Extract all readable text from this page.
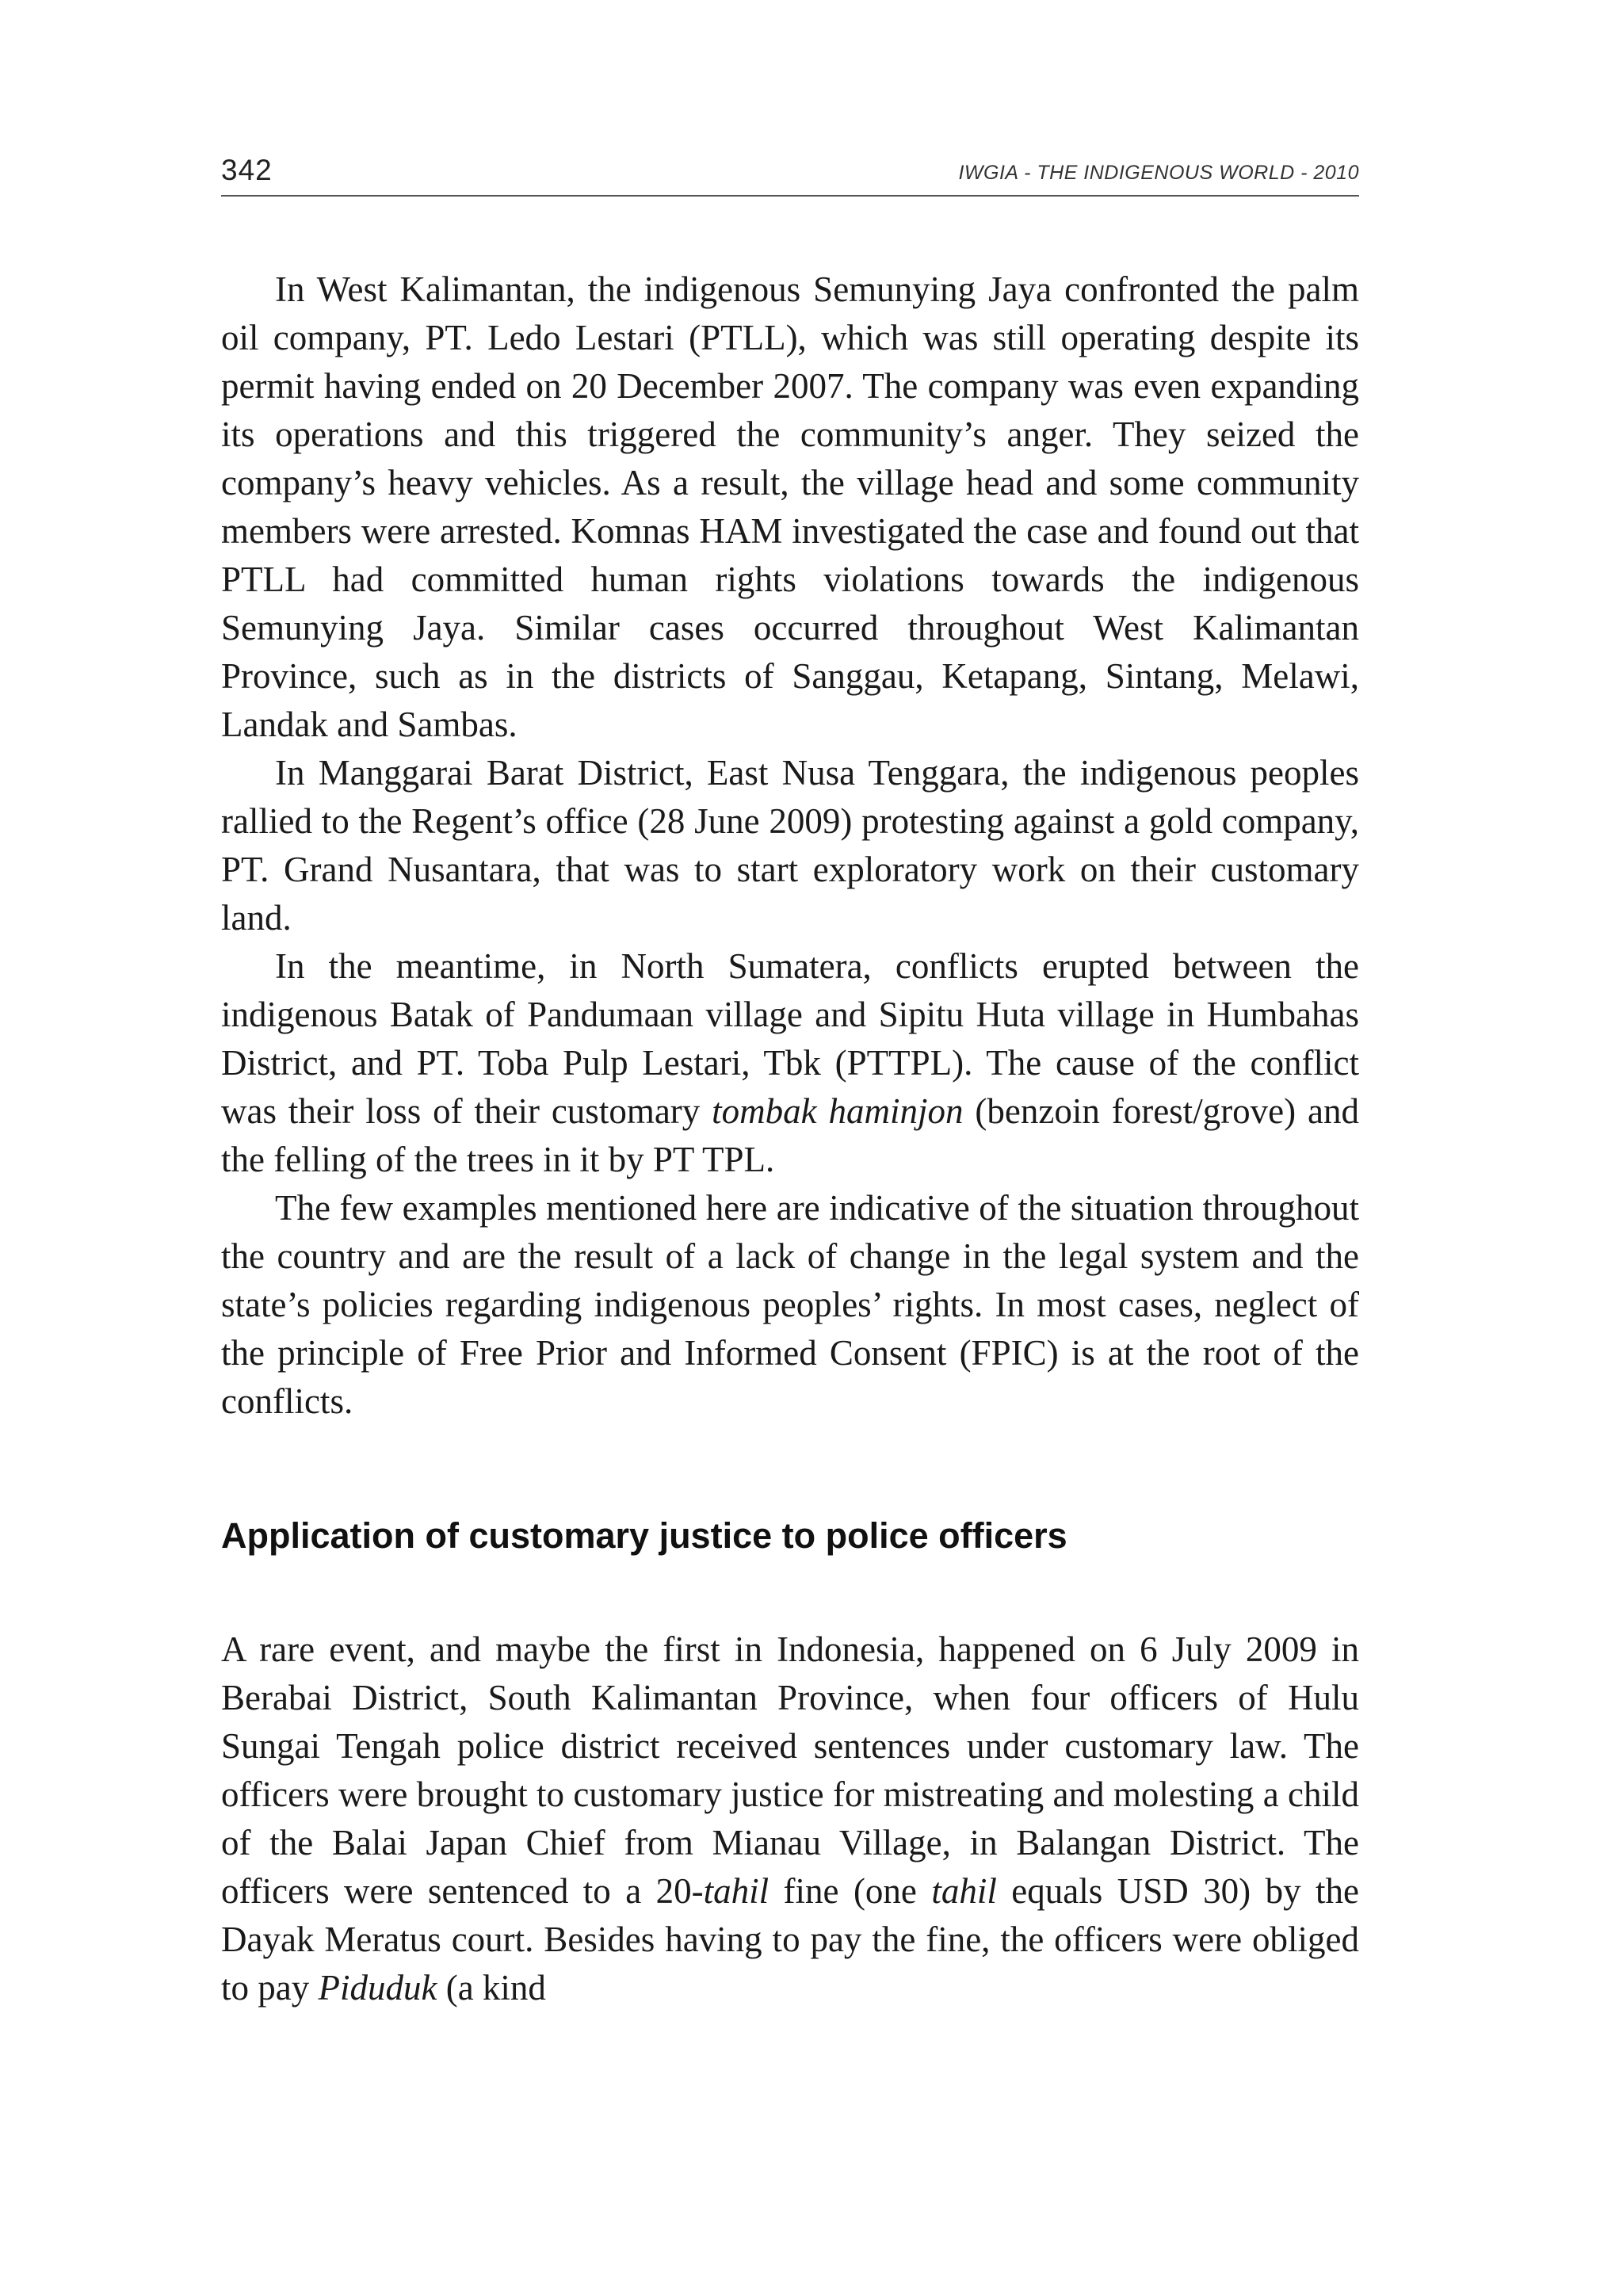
342	IWGIA - THE INDIGENOUS WORLD - 2010

In West Kalimantan, the indigenous Semunying Jaya confronted the palm oil company, PT. Ledo Lestari (PTLL), which was still operating despite its permit having ended on 20 December 2007. The company was even expanding its operations and this triggered the community’s anger. They seized the company’s heavy vehicles. As a result, the village head and some community members were arrested. Komnas HAM investigated the case and found out that PTLL had committed human rights violations towards the indigenous Semunying Jaya. Similar cases occurred throughout West Kalimantan Province, such as in the districts of Sanggau, Ketapang, Sintang, Melawi, Landak and Sambas.

In Manggarai Barat District, East Nusa Tenggara, the indigenous peoples rallied to the Regent’s office (28 June 2009) protesting against a gold company, PT. Grand Nusantara, that was to start exploratory work on their customary land.

In the meantime, in North Sumatera, conflicts erupted between the indigenous Batak of Pandumaan village and Sipitu Huta village in Humbahas District, and PT. Toba Pulp Lestari, Tbk (PTTPL). The cause of the conflict was their loss of their customary tombak haminjon (benzoin forest/grove) and the felling of the trees in it by PT TPL.

The few examples mentioned here are indicative of the situation throughout the country and are the result of a lack of change in the legal system and the state’s policies regarding indigenous peoples’ rights. In most cases, neglect of the principle of Free Prior and Informed Consent (FPIC) is at the root of the conflicts.

Application of customary justice to police officers

A rare event, and maybe the first in Indonesia, happened on 6 July 2009 in Berabai District, South Kalimantan Province, when four officers of Hulu Sungai Tengah police district received sentences under customary law. The officers were brought to customary justice for mistreating and molesting a child of the Balai Japan Chief from Mianau Village, in Balangan District. The officers were sentenced to a 20-tahil fine (one tahil equals USD 30) by the Dayak Meratus court. Besides having to pay the fine, the officers were obliged to pay Piduduk (a kind
